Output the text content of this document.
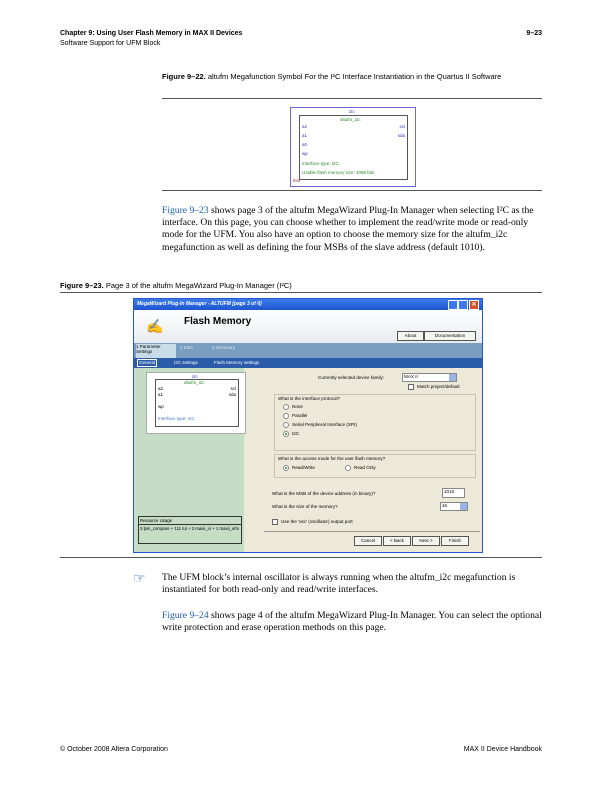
Chapter 9: Using User Flash Memory in MAX II Devices	9–23
Software Support for UFM Block
Figure 9–22. altufm Megafunction Symbol For the I²C Interface Instantiation in the Quartus II Software
i2c
altufm_i2c
a2
a1
a0
wp
scl
sda
Interface type: I2C
Usable flash memory size: 4096 bits
inst
Figure 9–23 shows page 3 of the altufm MegaWizard Plug-In Manager when selecting I²C as the interface. On this page, you can choose whether to implement the read/write mode or read-only mode for the UFM. You also have an option to choose the memory size for the altufm_i2c megafunction as well as defining the four MSBs of the slave address (default 1010).
Figure 9–23. Page 3 of the altufm MegaWizard Plug-In Manager (I²C)
MegaWizard Plug-In Manager - ALTUFM [page 3 of 6]	✕
✍ Flash Memory
About	Documentation
1 Parameter Settings
2 EDA	3 Summary
General	I2C settings	Flash Memory settings
i2c
altufm_i2c
a2
a1
wp
scl
sda
Interface type: I2C
Resource Usage
3 lpm_compare + 111 lut + 2 maxii_io + 1 maxii_ufm
Currently selected device family:	MAX II
Match project/default
What is the interface protocol?
None
Parallel
Serial Peripheral Interface (SPI)
I2C
What is the access mode for the user flash memory?
Read/Write	Read Only
What is the MSB of the device address (in binary)?	1010
What is the size of the memory?	4K
Use the 'osc' (oscillator) output port
Cancel	< Back	Next >	Finish
☞ The UFM block’s internal oscillator is always running when the altufm_i2c megafunction is instantiated for both read-only and read/write interfaces.
Figure 9–24 shows page 4 of the altufm MegaWizard Plug-In Manager. You can select the optional write protection and erase operation methods on this page.
© October 2008 Altera Corporation	MAX II Device Handbook
